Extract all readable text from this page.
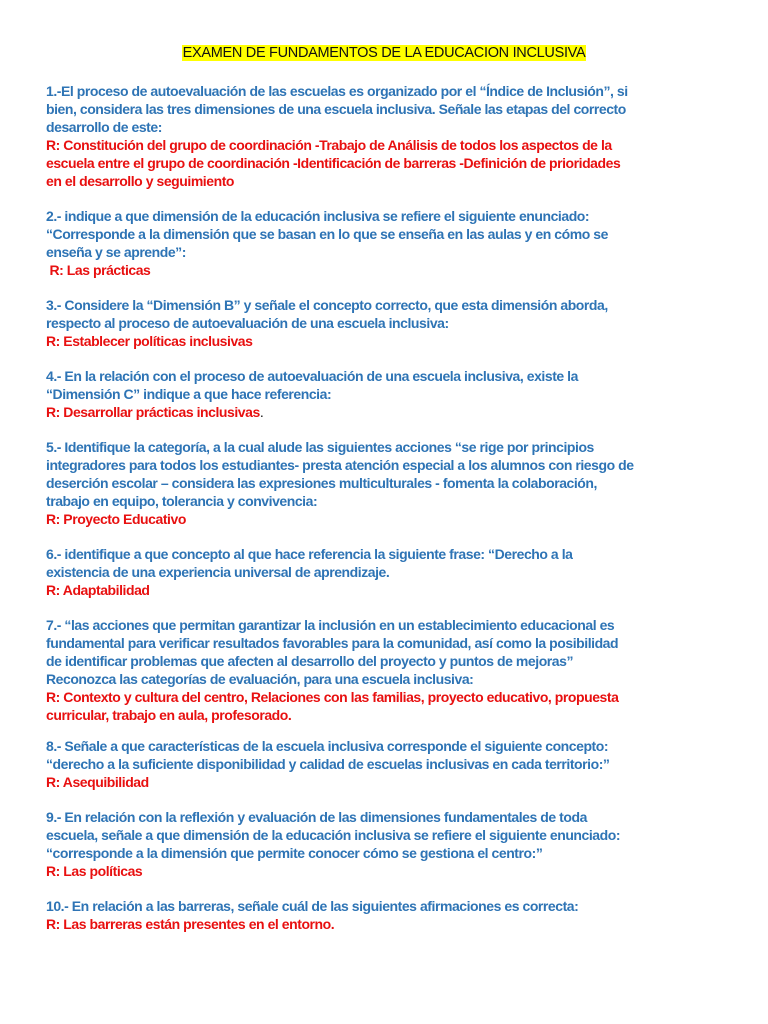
EXAMEN DE FUNDAMENTOS DE LA EDUCACION INCLUSIVA
1.-El proceso de autoevaluación de las escuelas es organizado por el “Índice de Inclusión”, si
bien, considera las tres dimensiones de una escuela inclusiva. Señale las etapas del correcto
desarrollo de este:
R: Constitución del grupo de coordinación -Trabajo de Análisis de todos los aspectos de la
escuela entre el grupo de coordinación -Identificación de barreras -Definición de prioridades
en el desarrollo y seguimiento
2.- indique a que dimensión de la educación inclusiva se refiere el siguiente enunciado:
“Corresponde a la dimensión que se basan en lo que se enseña en las aulas y en cómo se
enseña y se aprende”:
R: Las prácticas
3.- Considere la “Dimensión B” y señale el concepto correcto, que esta dimensión aborda,
respecto al proceso de autoevaluación de una escuela inclusiva:
R: Establecer políticas inclusivas
4.- En la relación con el proceso de autoevaluación de una escuela inclusiva, existe la
“Dimensión C” indique a que hace referencia:
R: Desarrollar prácticas inclusivas.
5.- Identifique la categoría, a la cual alude las siguientes acciones “se rige por principios
integradores para todos los estudiantes- presta atención especial a los alumnos con riesgo de
deserción escolar – considera las expresiones multiculturales - fomenta la colaboración,
trabajo en equipo, tolerancia y convivencia:
R: Proyecto Educativo
6.- identifique a que concepto al que hace referencia la siguiente frase: “Derecho a la
existencia de una experiencia universal de aprendizaje.
R: Adaptabilidad
7.- “las acciones que permitan garantizar la inclusión en un establecimiento educacional es
fundamental para verificar resultados favorables para la comunidad, así como la posibilidad
de identificar problemas que afecten al desarrollo del proyecto y puntos de mejoras”
Reconozca las categorías de evaluación, para una escuela inclusiva:
R: Contexto y cultura del centro, Relaciones con las familias, proyecto educativo, propuesta
curricular, trabajo en aula, profesorado.
8.- Señale a que características de la escuela inclusiva corresponde el siguiente concepto:
“derecho a la suficiente disponibilidad y calidad de escuelas inclusivas en cada territorio:”
R: Asequibilidad
9.- En relación con la reflexión y evaluación de las dimensiones fundamentales de toda
escuela, señale a que dimensión de la educación inclusiva se refiere el siguiente enunciado:
“corresponde a la dimensión que permite conocer cómo se gestiona el centro:”
R: Las políticas
10.- En relación a las barreras, señale cuál de las siguientes afirmaciones es correcta:
R: Las barreras están presentes en el entorno.
